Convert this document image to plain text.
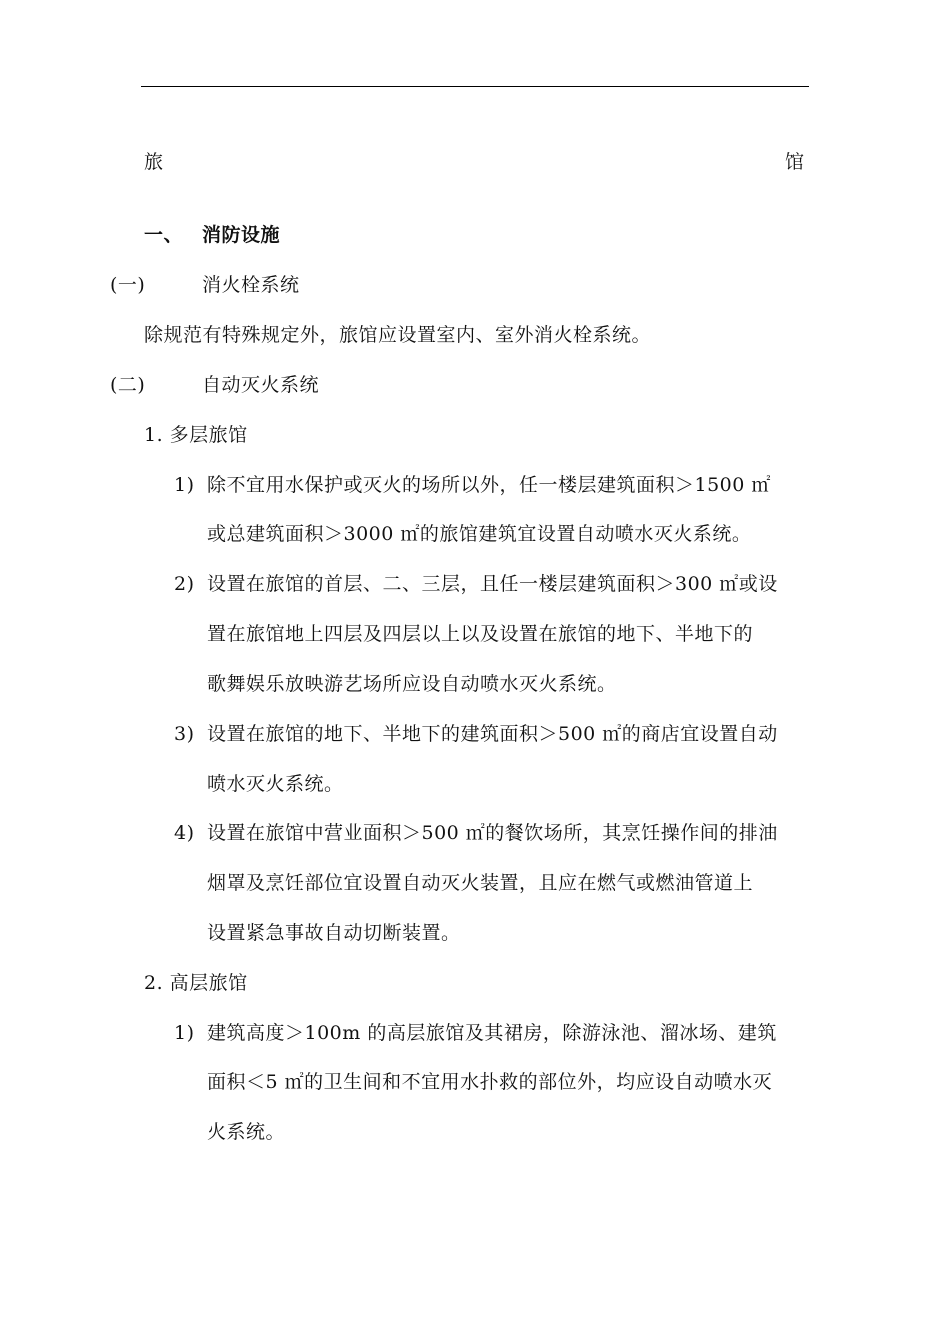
旅	馆
一、 消防设施
(一)	消火栓系统
除规范有特殊规定外，旅馆应设置室内、室外消火栓系统。
(二)	自动灭火系统
1. 多层旅馆
1) 除不宜用水保护或灭火的场所以外，任一楼层建筑面积＞1500 ㎡
或总建筑面积＞3000 ㎡的旅馆建筑宜设置自动喷水灭火系统。
2) 设置在旅馆的首层、二、三层，且任一楼层建筑面积＞300 ㎡或设
置在旅馆地上四层及四层以上以及设置在旅馆的地下、半地下的
歌舞娱乐放映游艺场所应设自动喷水灭火系统。
3) 设置在旅馆的地下、半地下的建筑面积＞500 ㎡的商店宜设置自动
喷水灭火系统。
4) 设置在旅馆中营业面积＞500 ㎡的餐饮场所，其烹饪操作间的排油
烟罩及烹饪部位宜设置自动灭火装置，且应在燃气或燃油管道上
设置紧急事故自动切断装置。
2. 高层旅馆
1) 建筑高度＞100m 的高层旅馆及其裙房，除游泳池、溜冰场、建筑
面积＜5 ㎡的卫生间和不宜用水扑救的部位外，均应设自动喷水灭
火系统。
